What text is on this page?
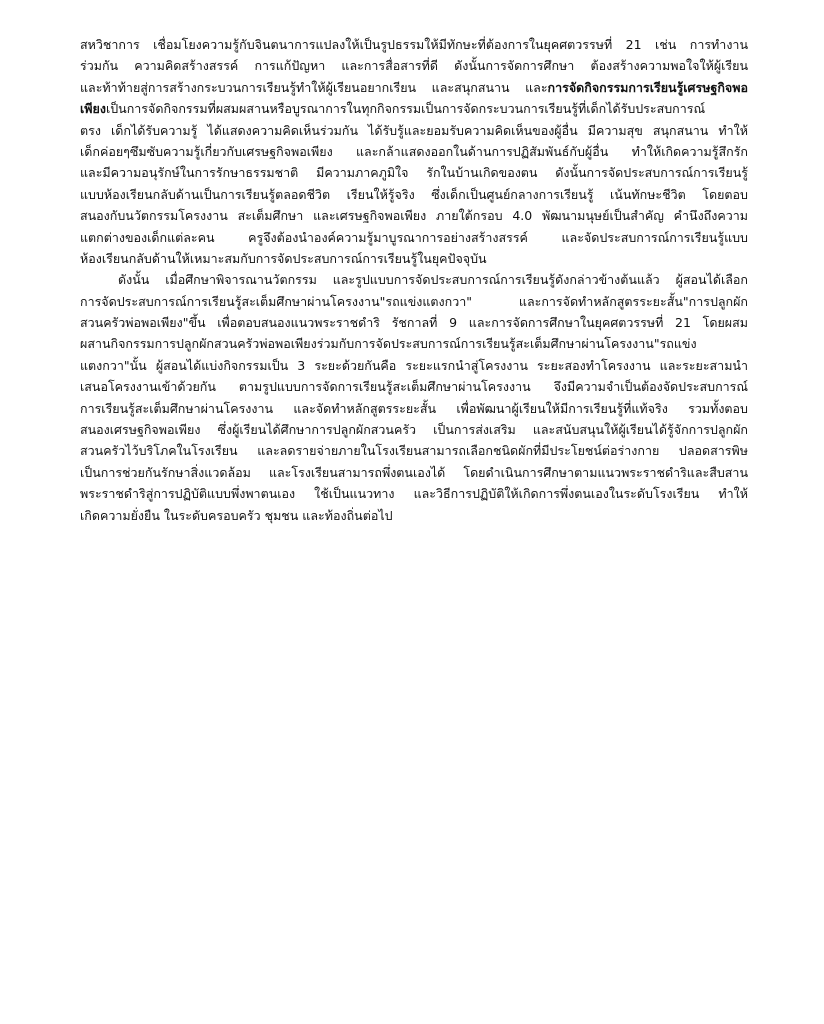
สหวิชาการ เชื่อมโยงความรู้กับจินตนาการแปลงให้เป็นรูปธรรมให้มีทักษะที่ต้องการในยุคศตวรรษที่ 21 เช่น การทำงาน
ร่วมกัน ความคิดสร้างสรรค์ การแก้ปัญหา และการสื่อสารที่ดี ดังนั้นการจัดการศึกษา ต้องสร้างความพอใจให้ผู้เรียน
และท้าท้ายสู่การสร้างกระบวนการเรียนรู้ทำให้ผู้เรียนอยากเรียน และสนุกสนาน และการจัดกิจกรรมการเรียนรู้เศรษฐกิจพอ
เพียงเป็นการจัดกิจกรรมที่ผสมผสานหรือบูรณาการในทุกกิจกรรมเป็นการจัดกระบวนการเรียนรู้ที่เด็กได้รับประสบการณ์
ตรง เด็กได้รับความรู้ ได้แสดงความคิดเห็นร่วมกัน ได้รับรู้และยอมรับความคิดเห็นของผู้อื่น มีความสุข สนุกสนาน ทำให้
เด็กค่อยๆซึมซับความรู้เกี่ยวกับเศรษฐกิจพอเพียง และกล้าแสดงออกในด้านการปฏิสัมพันธ์กับผู้อื่น ทำให้เกิดความรู้สึกรัก
และมีความอนุรักษ์ในการรักษาธรรมชาติ มีความภาคภูมิใจ รักในบ้านเกิดของตน ดังนั้นการจัดประสบการณ์การเรียนรู้
แบบห้องเรียนกลับด้านเป็นการเรียนรู้ตลอดชีวิต เรียนให้รู้จริง ซึ่งเด็กเป็นศูนย์กลางการเรียนรู้ เน้นทักษะชีวิต โดยตอบ
สนองกับนวัตกรรมโครงงาน สะเต็มศึกษา และเศรษฐกิจพอเพียง ภายใต้กรอบ 4.0 พัฒนามนุษย์เป็นสำคัญ คำนึงถึงความ
แตกต่างของเด็กแต่ละคน ครูจึงต้องนำองค์ความรู้มาบูรณาการอย่างสร้างสรรค์ และจัดประสบการณ์การเรียนรู้แบบ
ห้องเรียนกลับด้านให้เหมาะสมกับการจัดประสบการณ์การเรียนรู้ในยุคปัจจุบัน
ดังนั้น เมื่อศึกษาพิจารณานวัตกรรม และรูปแบบการจัดประสบการณ์การเรียนรู้ดังกล่าวข้างต้นแล้ว ผู้สอนได้เลือก
การจัดประสบการณ์การเรียนรู้สะเต็มศึกษาผ่านโครงงาน"รถแข่งแตงกวา" และการจัดทำหลักสูตรระยะสั้น"การปลูกผัก
สวนครัวพ่อพอเพียง"ขึ้น เพื่อตอบสนองแนวพระราชดำริ รัชกาลที่ 9 และการจัดการศึกษาในยุคศตวรรษที่ 21 โดยผสม
ผสานกิจกรรมการปลูกผักสวนครัวพ่อพอเพียงร่วมกับการจัดประสบการณ์การเรียนรู้สะเต็มศึกษาผ่านโครงงาน"รถแข่ง
แตงกวา"นั้น ผู้สอนได้แบ่งกิจกรรมเป็น 3 ระยะด้วยกันคือ ระยะแรกนำสู่โครงงาน ระยะสองทำโครงงาน และระยะสามนำ
เสนอโครงงานเข้าด้วยกัน ตามรูปแบบการจัดการเรียนรู้สะเต็มศึกษาผ่านโครงงาน จึงมีความจำเป็นต้องจัดประสบการณ์
การเรียนรู้สะเต็มศึกษาผ่านโครงงาน และจัดทำหลักสูตรระยะสั้น เพื่อพัฒนาผู้เรียนให้มีการเรียนรู้ที่แท้จริง รวมทั้งตอบ
สนองเศรษฐกิจพอเพียง ซึ่งผู้เรียนได้ศึกษาการปลูกผักสวนครัว เป็นการส่งเสริม และสนับสนุนให้ผู้เรียนได้รู้จักการปลูกผัก
สวนครัวไว้บริโภคในโรงเรียน และลดรายจ่ายภายในโรงเรียนสามารถเลือกชนิดผักที่มีประโยชน์ต่อร่างกาย ปลอดสารพิษ
เป็นการช่วยกันรักษาสิ่งแวดล้อม และโรงเรียนสามารถพึ่งตนเองได้ โดยดำเนินการศึกษาตามแนวพระราชดำริและสืบสาน
พระราชดำริสู่การปฏิบัติแบบพึ่งพาตนเอง ใช้เป็นแนวทาง และวิธีการปฏิบัติให้เกิดการพึ่งตนเองในระดับโรงเรียน ทำให้
เกิดความยั่งยืน ในระดับครอบครัว ชุมชน และท้องถิ่นต่อไป
